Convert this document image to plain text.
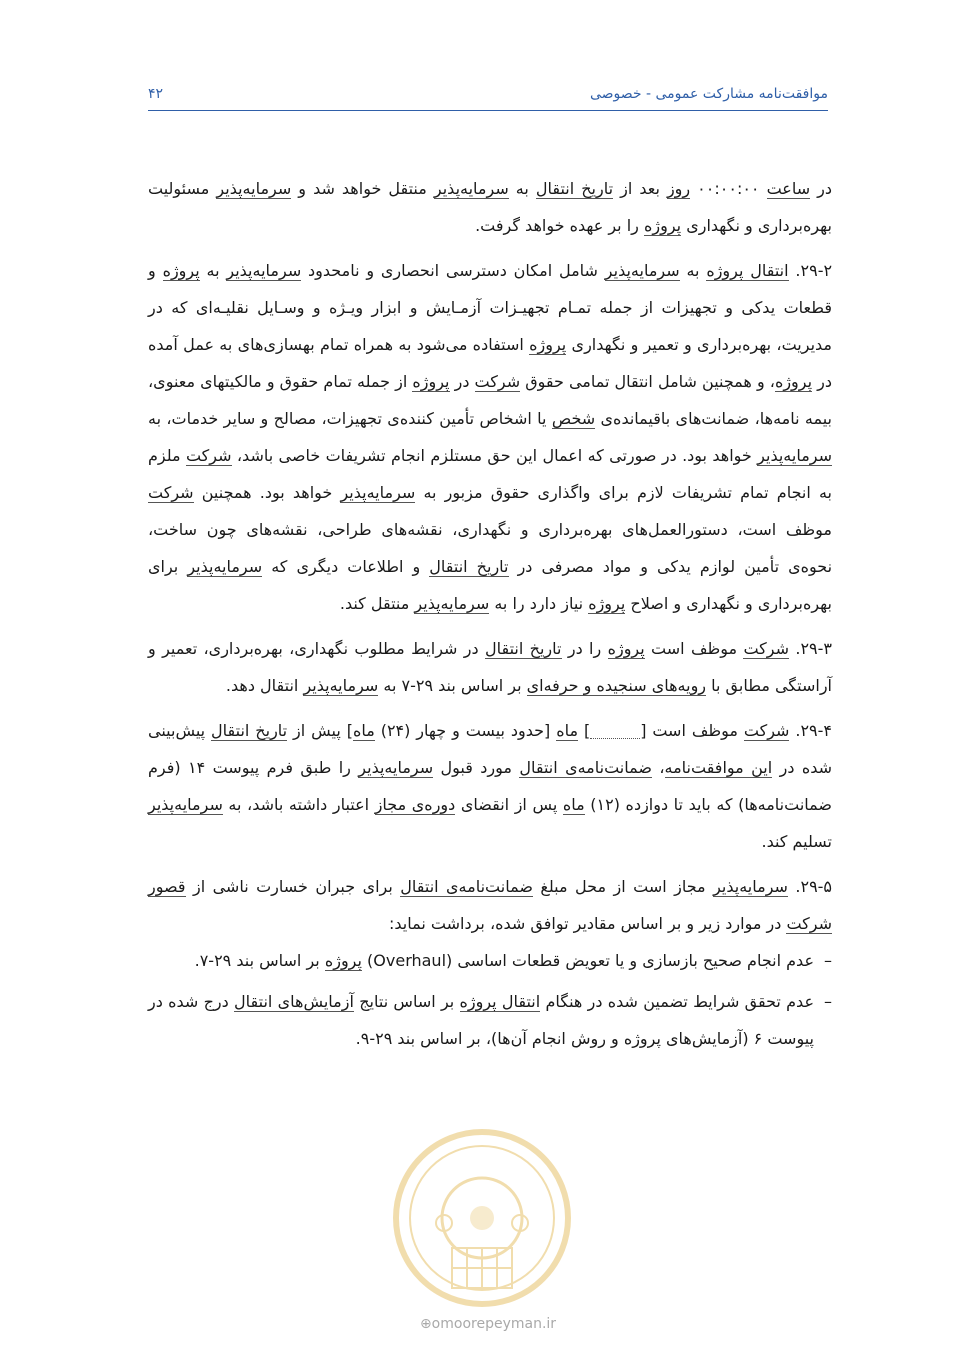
موافقت‌نامه مشارکت عمومی - خصوصی
۴۲

در ساعت ۰۰:۰۰:۰۰ روز بعد از تاریخ انتقال به سرمایه‌پذیر منتقل خواهد شد و سرمایه‌پذیر مسئولیت بهره‌برداری و نگهداری پروژه را بر عهده خواهد گرفت.

۲۹-۲. انتقال پروژه به سرمایه‌پذیر شامل امکان دسترسی انحصاری و نامحدود سرمایه‌پذیر به پروژه و قطعات یدکی و تجهیزات از جمله تمـام تجهیـزات آزمـایش و ابزار ویـژه و وسـایل نقلیـه‌ای که در مدیریت، بهره‌برداری و تعمیر و نگهداری پروژه استفاده می‌شود به همراه تمام بهسازی‌های به عمل آمده در پروژه، و همچنین شامل انتقال تمامی حقوق شرکت در پروژه از جمله تمام حقوق و مالکیتهای معنوی، بیمه نامه‌ها، ضمانت‌های باقیمانده‌ی شخص یا اشخاص تأمین کننده‌ی تجهیزات، مصالح و سایر خدمات، به سرمایه‌پذیر خواهد بود. در صورتی که اعمال این حق مستلزم انجام تشریفات خاصی باشد، شرکت ملزم به انجام تمام تشریفات لازم برای واگذاری حقوق مزبور به سرمایه‌پذیر خواهد بود. همچنین شرکت موظف است، دستورالعمل‌های بهره‌برداری و نگهداری، نقشه‌های طراحی، نقشه‌های چون ساخت، نحوه‌ی تأمین لوازم یدکی و مواد مصرفی در تاریخ انتقال و اطلاعات دیگری که سرمایه‌پذیر برای بهره‌برداری و نگهداری و اصلاح پروژه نیاز دارد را به سرمایه‌پذیر منتقل کند.

۲۹-۳. شرکت موظف است پروژه را در تاریخ انتقال در شرایط مطلوب نگهداری، بهره‌برداری، تعمیر و آراستگی مطابق با رویه‌های سنجیده و حرفه‌ای بر اساس بند ۲۹-۷ به سرمایه‌پذیر انتقال دهد.

۲۹-۴. شرکت موظف است [] ماه [حدود بیست و چهار (۲۴) ماه] پیش از تاریخ انتقال پیش‌بینی شده در این موافقت‌نامه، ضمانت‌نامه‌ی انتقال مورد قبول سرمایه‌پذیر را طبق فرم پیوست ۱۴ (فرم ضمانت‌نامه‌ها) که باید تا دوازده (۱۲) ماه پس از انقضای دوره‌ی مجاز اعتبار داشته باشد، به سرمایه‌پذیر تسلیم کند.

۲۹-۵. سرمایه‌پذیر مجاز است از محل مبلغ ضمانت‌نامه‌ی انتقال برای جبران خسارت ناشی از قصور شرکت در موارد زیر و بر اساس مقادیر توافق شده، برداشت نماید:

–
عدم انجام صحیح بازسازی و یا تعویض قطعات اساسی (Overhaul) پروژه بر اساس بند ۲۹-۷.
–
عدم تحقق شرایط تضمین شده در هنگام انتقال پروژه بر اساس نتایج آزمایش‌های انتقال درج شده در پیوست ۶ (آزمایش‌های پروژه و روش انجام آن‌ها)، بر اساس بند ۲۹-۹.
⊕omoorepeyman.ir
